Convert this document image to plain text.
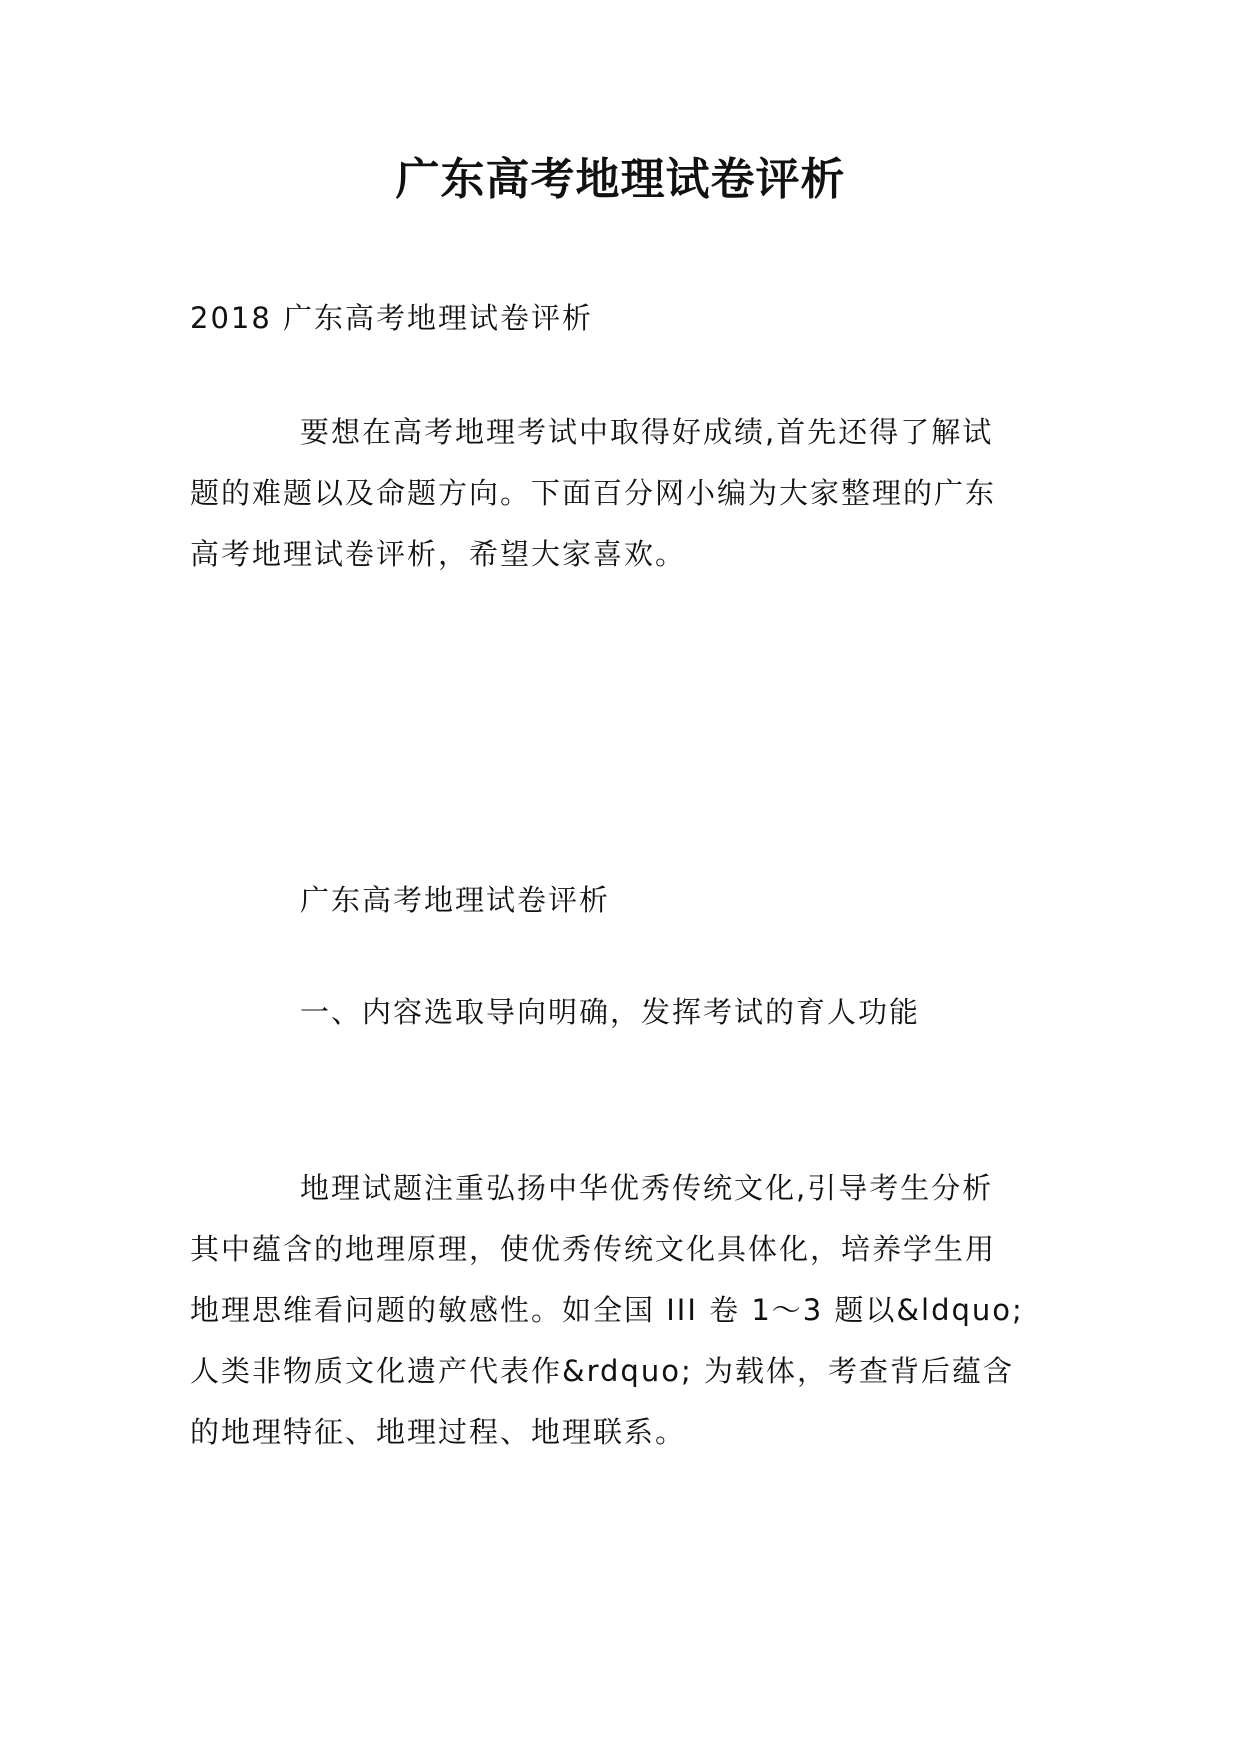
广东高考地理试卷评析
2018 广东高考地理试卷评析
要想在高考地理考试中取得好成绩,首先还得了解试
题的难题以及命题方向。下面百分网小编为大家整理的广东
高考地理试卷评析，希望大家喜欢。
广东高考地理试卷评析
一、内容选取导向明确，发挥考试的育人功能
地理试题注重弘扬中华优秀传统文化,引导考生分析
其中蕴含的地理原理，使优秀传统文化具体化，培养学生用
地理思维看问题的敏感性。如全国 III 卷 1～3 题以&ldquo;
人类非物质文化遗产代表作&rdquo; 为载体，考查背后蕴含
的地理特征、地理过程、地理联系。
